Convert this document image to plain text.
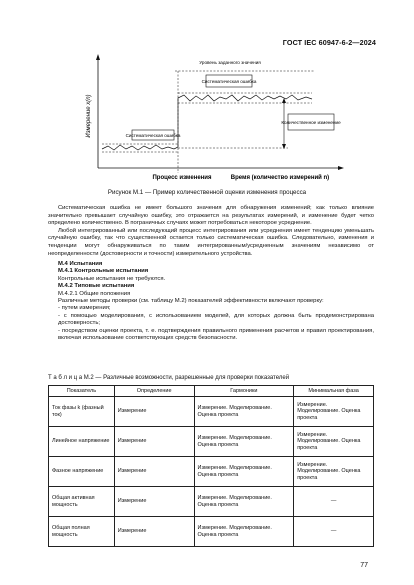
ГОСТ IEC 60947-6-2—2024
Измерение x(n)
Уровень заданного значения
Систематическая ошибка
Количественное изменение
Систематическая ошибка
Процесс изменения	Время (количество измерений n)
Рисунок М.1 — Пример количественной оценки изменения процесса

Систематическая ошибка не имеет большого значения для обнаружения изменений; как только влияние значительно превышает случайную ошибку, это отражается на результатах измерений, и изменение будет четко определено количественно. В пограничных случаях может потребоваться некоторое усреднение.

Любой интегрированный или последующий процесс интегрирования или усреднения имеет тенденцию уменьшать случайную ошибку, так что существенной остается только систематическая ошибка. Следовательно, изменения и тенденции могут обнаруживаться по таким интегрированным/усредненным значениям независимо от неопределенности (достоверности и точности) измерительного устройства.

М.4 Испытания
М.4.1 Контрольные испытания
Контрольные испытания не требуются.
М.4.2 Типовые испытания
М.4.2.1 Общие положения
Различные методы проверки (см. таблицу М.2) показателей эффективности включают проверку:
- путем измерения;
- с помощью моделирования, с использованием моделей, для которых должна быть продемонстрирована достоверность;
- посредством оценки проекта, т. е. подтверждения правильного применения расчетов и правил проектирования, включая использование соответствующих средств безопасности.
Т а б л и ц а М.2 — Различные возможности, разрешенные для проверки показателей
Показатель	Определение	Гармоники	Минимальная фаза
Ток фазы k (фазный ток)	Измерение	Измерение. Моделирование. Оценка проекта	Измерение. Моделирование. Оценка проекта
Линейное напряжение	Измерение	Измерение. Моделирование. Оценка проекта	Измерение. Моделирование. Оценка проекта
Фазное напряжение	Измерение	Измерение. Моделирование. Оценка проекта	Измерение. Моделирование. Оценка проекта
Общая активная мощность	Измерение	Измерение. Моделирование. Оценка проекта	—
Общая полная мощность	Измерение	Измерение. Моделирование. Оценка проекта	—
77
